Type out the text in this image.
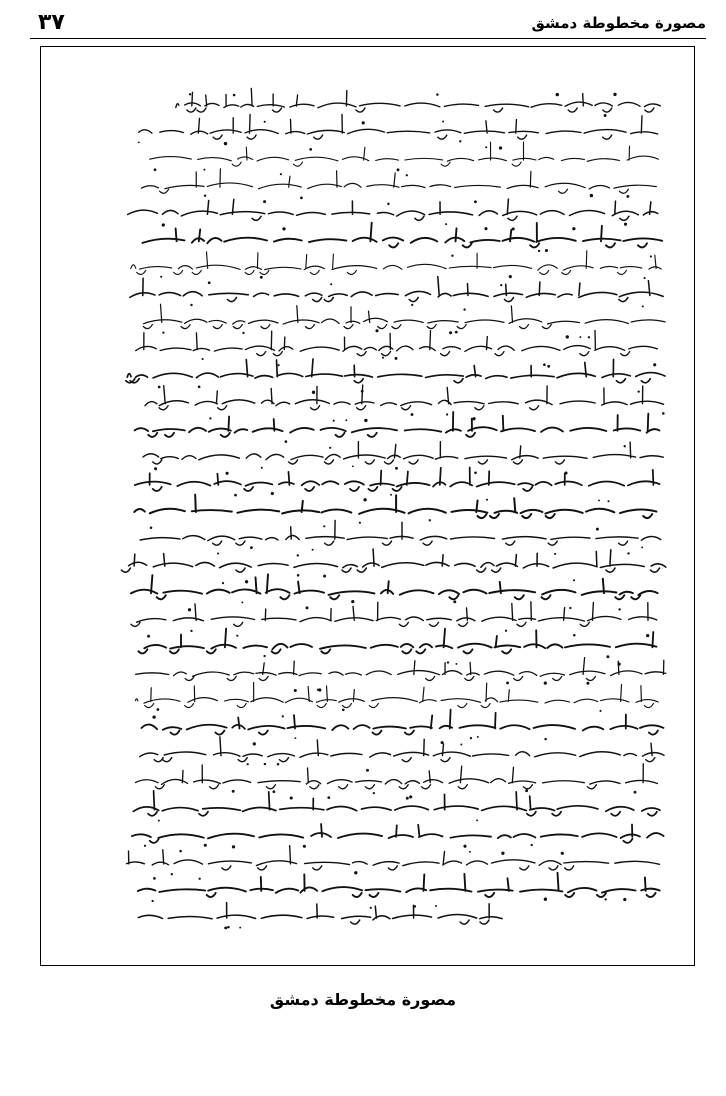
٣٧	مصورة مخطوطة دمشق
مصورة مخطوطة دمشق
